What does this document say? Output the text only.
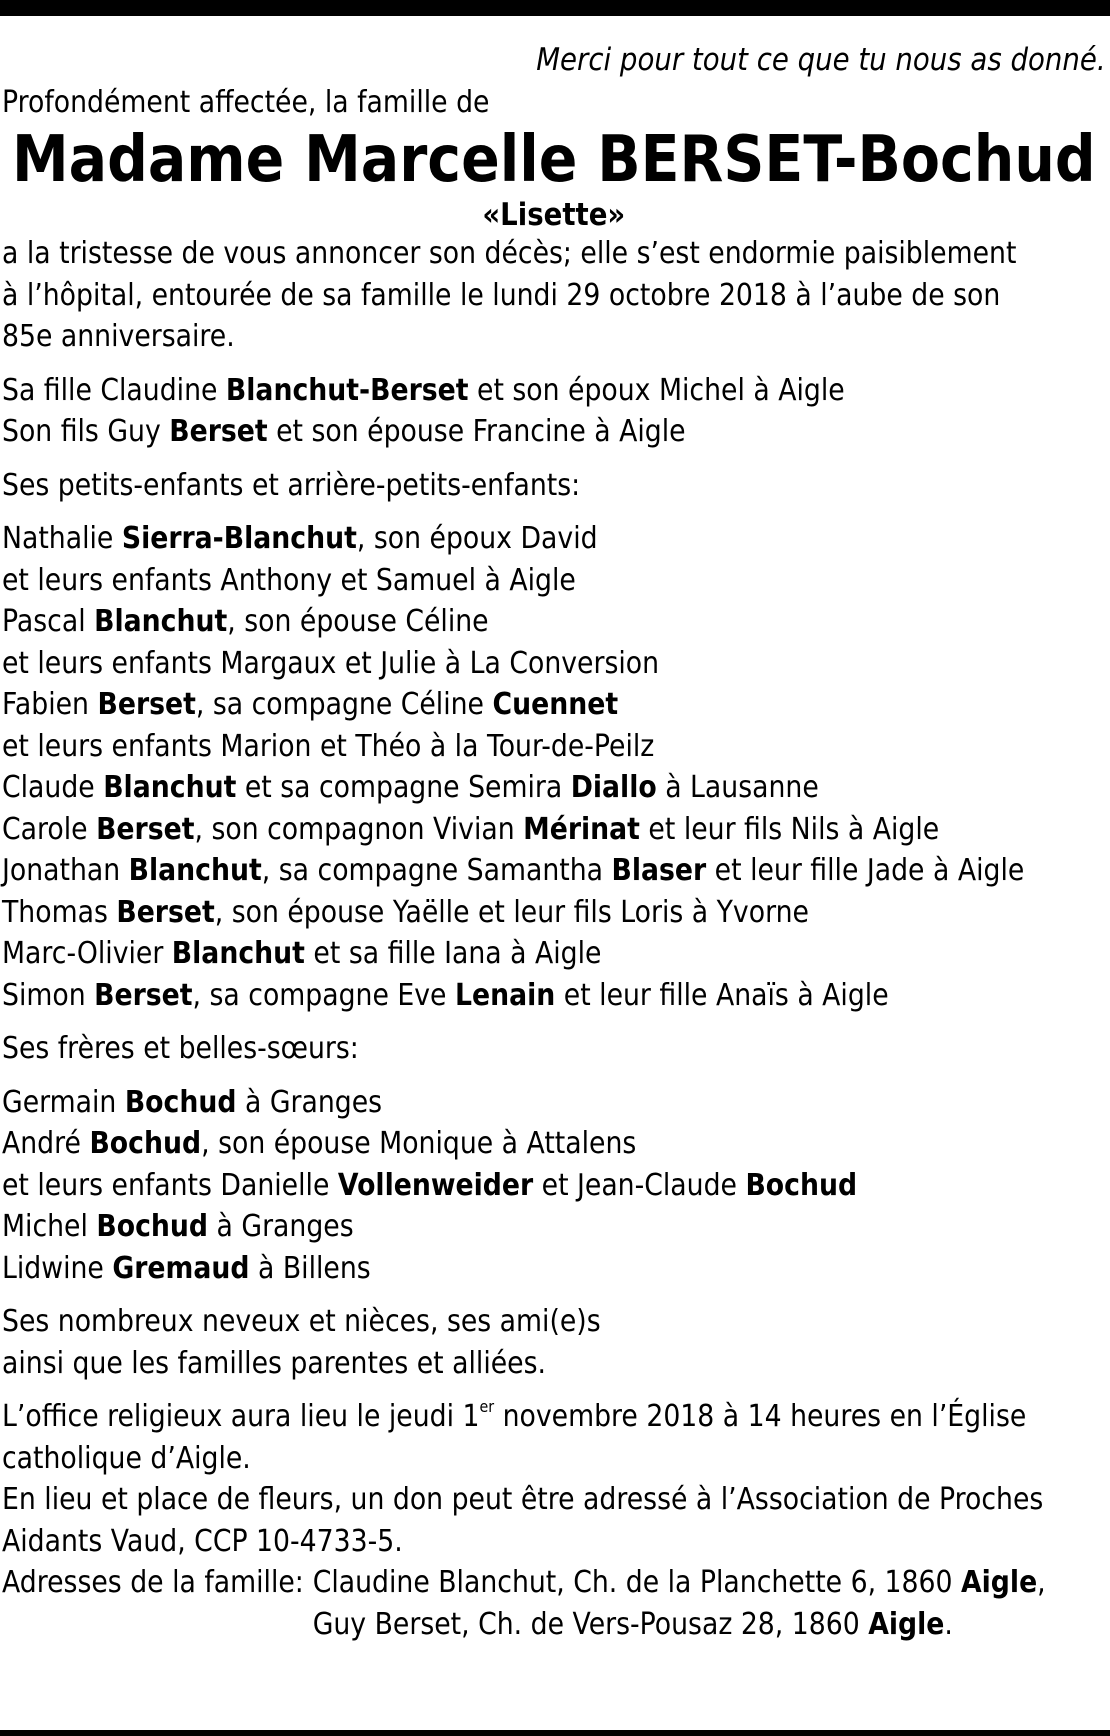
Merci pour tout ce que tu nous as donné.

Profondément affectée, la famille de

Madame Marcelle BERSET-Bochud

«Lisette»

a la tristesse de vous annoncer son décès; elle s’est endormie paisiblement
à l’hôpital, entourée de sa famille le lundi 29 octobre 2018 à l’aube de son
85e anniversaire.
Sa fille Claudine Blanchut-Berset et son époux Michel à Aigle
Son fils Guy Berset et son épouse Francine à Aigle
Ses petits-enfants et arrière-petits-enfants:
Nathalie Sierra-Blanchut, son époux David
et leurs enfants Anthony et Samuel à Aigle
Pascal Blanchut, son épouse Céline
et leurs enfants Margaux et Julie à La Conversion
Fabien Berset, sa compagne Céline Cuennet
et leurs enfants Marion et Théo à la Tour-de-Peilz
Claude Blanchut et sa compagne Semira Diallo à Lausanne
Carole Berset, son compagnon Vivian Mérinat et leur fils Nils à Aigle
Jonathan Blanchut, sa compagne Samantha Blaser et leur fille Jade à Aigle
Thomas Berset, son épouse Yaëlle et leur fils Loris à Yvorne
Marc-Olivier Blanchut et sa fille Iana à Aigle
Simon Berset, sa compagne Eve Lenain et leur fille Anaïs à Aigle
Ses frères et belles-sœurs:
Germain Bochud à Granges
André Bochud, son épouse Monique à Attalens
et leurs enfants Danielle Vollenweider et Jean-Claude Bochud
Michel Bochud à Granges
Lidwine Gremaud à Billens
Ses nombreux neveux et nièces, ses ami(e)s
ainsi que les familles parentes et alliées.
L’office religieux aura lieu le jeudi 1er novembre 2018 à 14 heures en l’Église
catholique d’Aigle.
En lieu et place de fleurs, un don peut être adressé à l’Association de Proches
Aidants Vaud, CCP 10-4733-5.
Adresses de la famille: Claudine Blanchut, Ch. de la Planchette 6, 1860 Aigle,
Guy Berset, Ch. de Vers-Pousaz 28, 1860 Aigle.
